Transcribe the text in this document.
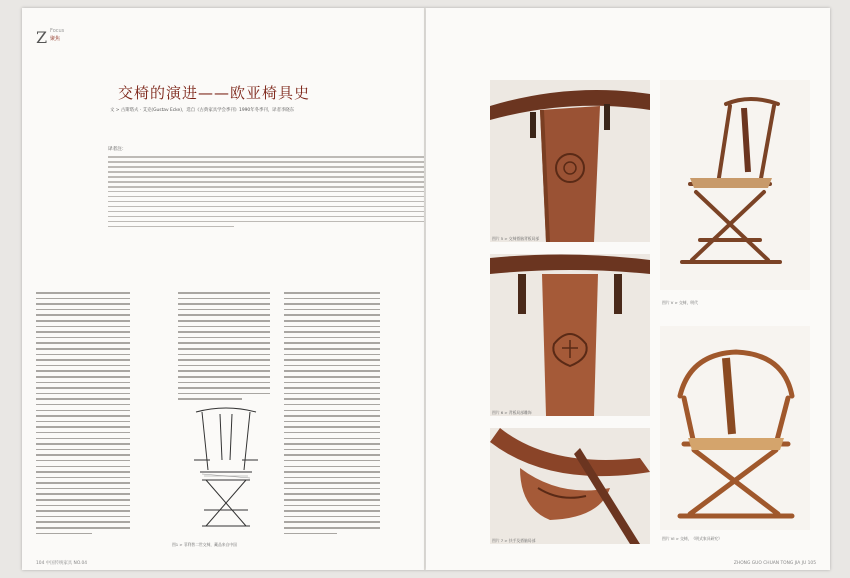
Z Focus
聚焦
交椅的演进——欧亚椅具史
文 > 古斯塔夫 · 艾克(Gustav Ecke)，选自《古典家具学会季刊》1990年冬季刊，译者李晓东
译者注：
图1 > 菲利普二世交椅，藏品来自中国
104 中国传统家具 NO.04
图片 5 > 交椅搭脑背板局部
图片 6 > 背板局部雕饰
图片 7 > 扶手及搭脑局部
图片 V > 交椅，明代
图片 VI > 交椅，《明式家具研究》
ZHONG GUO CHUAN TONG JIA JU 105
